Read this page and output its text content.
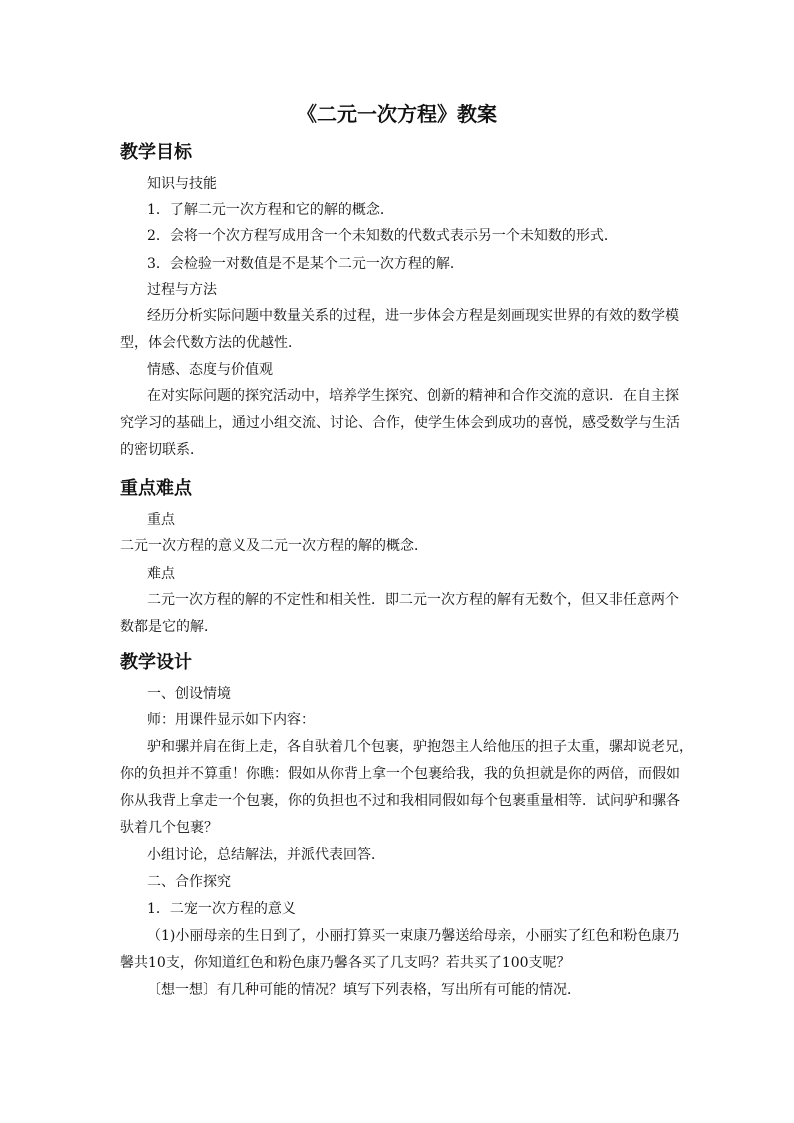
《二元一次方程》教案
教学目标
知识与技能
1．了解二元一次方程和它的解的概念．
2．会将一个次方程写成用含一个未知数的代数式表示另一个未知数的形式．
3．会检验一对数值是不是某个二元一次方程的解．
过程与方法
经历分析实际问题中数量关系的过程，进一步体会方程是刻画现实世界的有效的数学模
型，体会代数方法的优越性．
情感、态度与价值观
在对实际问题的探究活动中，培养学生探究、创新的精神和合作交流的意识．在自主探
究学习的基础上，通过小组交流、讨论、合作，使学生体会到成功的喜悦，感受数学与生活
的密切联系．
重点难点
重点
二元一次方程的意义及二元一次方程的解的概念．
难点
二元一次方程的解的不定性和相关性．即二元一次方程的解有无数个，但又非任意两个
数都是它的解．
教学设计
一、创设情境
师：用课件显示如下内容：
驴和骡并肩在街上走，各自驮着几个包裹，驴抱怨主人给他压的担子太重，骡却说老兄，
你的负担并不算重！你瞧：假如从你背上拿一个包裹给我，我的负担就是你的两倍，而假如
你从我背上拿走一个包裹，你的负担也不过和我相同假如每个包裹重量相等．试问驴和骡各
驮着几个包裹？
小组讨论，总结解法，并派代表回答．
二、合作探究
1．二宠一次方程的意义
（1)小丽母亲的生日到了，小丽打算买一束康乃馨送给母亲，小丽实了红色和粉色康乃
馨共10支，你知道红色和粉色康乃馨各买了几支吗？若共买了100支呢？
〔想一想〕有几种可能的情况？填写下列表格，写出所有可能的情况．
